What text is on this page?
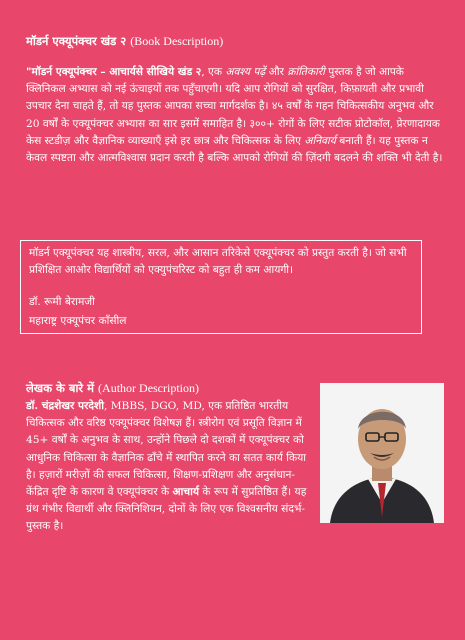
मॉडर्न एक्यूपंक्चर खंड २ (Book Description)
"मॉडर्न एक्यूपंक्चर – आचार्यसे सीखिये खंड २, एक अवश्य पढ़ें और क्रांतिकारी पुस्तक है जो आपके क्लिनिकल अभ्यास को नई ऊंचाइयों तक पहुँचाएगी। यदि आप रोगियों को सुरक्षित, किफ़ायती और प्रभावी उपचार देना चाहते हैं, तो यह पुस्तक आपका सच्चा मार्गदर्शक है। ४५ वर्षों के गहन चिकित्सकीय अनुभव और 20 वर्षों के एक्यूपंक्चर अभ्यास का सार इसमें समाहित है। ३००+ रोगों के लिए सटीक प्रोटोकॉल, प्रेरणादायक केस स्टडीज़ और वैज्ञानिक व्याख्याएँ इसे हर छात्र और चिकित्सक के लिए अनिवार्य बनाती हैं। यह पुस्तक न केवल स्पष्टता और आत्मविश्वास प्रदान करती है बल्कि आपको रोगियों की ज़िंदगी बदलने की शक्ति भी देती है।
मॉडर्न एक्यूपंक्चर यह शास्त्रीय, सरल, और आसान तरिकेसे एक्यूपंक्चर को प्रस्तुत करती है। जो सभी प्रशिक्षित आओर विद्यार्थियों को एक्युपंचरिस्ट को बहुत ही कम आयगी।
डॉ. रूमी बेरामजी
महाराष्ट्र एक्यूपंचर कॉंसील
लेखक के बारे में (Author Description)
डॉ. चंद्रशेखर परदेशी, MBBS, DGO, MD, एक प्रतिष्ठित भारतीय चिकित्सक और वरिष्ठ एक्यूपंक्चर विशेषज्ञ हैं। स्त्रीरोग एवं प्रसूति विज्ञान में 45+ वर्षों के अनुभव के साथ, उन्होंने पिछले दो दशकों में एक्यूपंक्चर को आधुनिक चिकित्सा के वैज्ञानिक ढाँचे में स्थापित करने का सतत कार्य किया है। हज़ारों मरीज़ों की सफल चिकित्सा, शिक्षण-प्रशिक्षण और अनुसंधान-केंद्रित दृष्टि के कारण वे एक्यूपंक्चर के आचार्य के रूप में सुप्रतिष्ठित हैं। यह ग्रंथ गंभीर विद्यार्थी और क्लिनिशियन, दोनों के लिए एक विश्वसनीय संदर्भ-पुस्तक है।
